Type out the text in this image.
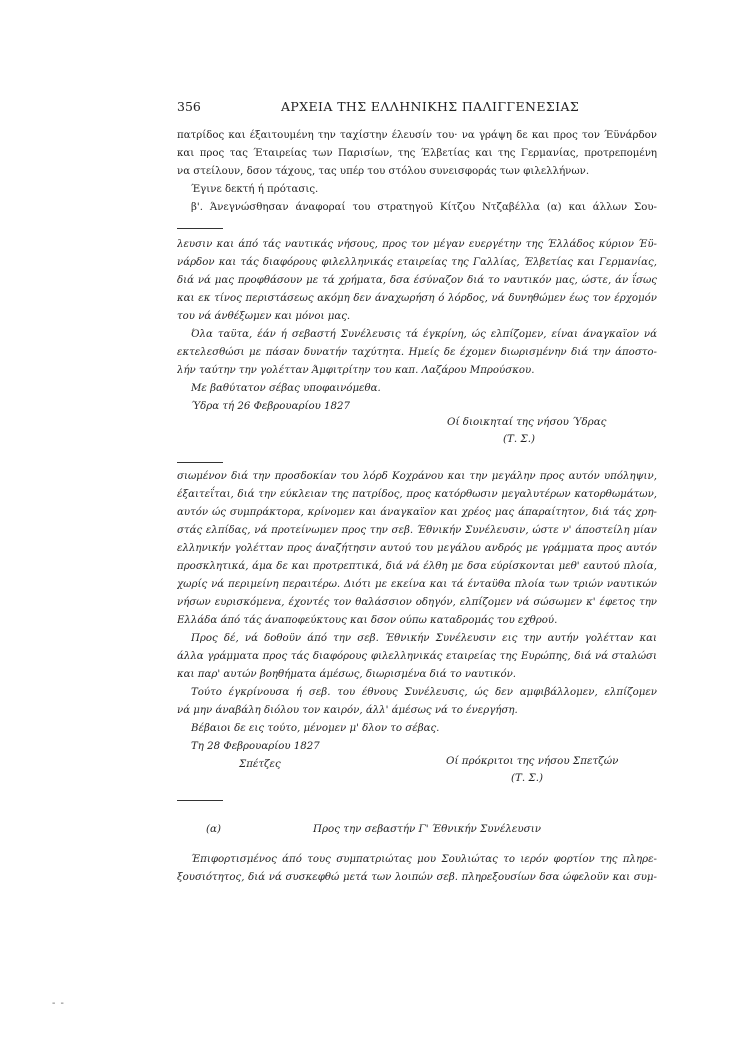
356	ΑΡΧΕΙΑ ΤΗΣ ΕΛΛΗΝΙΚΗΣ ΠΑΛΙΓΓΕΝΕΣΙΑΣ
πατρίδος και έξαιτουμένη την ταχίστην έλευσίν του· να γράψη δε και προς τον Έϋνάρδον
και προς τας Έταιρείας των Παρισίων, της Έλβετίας και της Γερμανίας, προτρεπομένη
να στείλουν, δσον τάχους, τας υπέρ του στόλου συνεισφοράς των φιλελλήνων.
Έγινε δεκτή ή πρότασις.
β'. Άνεγνώσθησαν άναφοραί του στρατηγοϋ Κίτζου Ντζαβέλλα (α) και άλλων Σου-
λευσιν και άπό τάς ναυτικάς νήσους, προς τον μέγαν ευεργέτην της Έλλάδος κύριον Έϋ-
νάρδον και τάς διαφόρους φιλελληνικάς εταιρείας της Γαλλίας, Έλβετίας και Γερμανίας,
διά νά μας προφθάσουν με τά χρήματα, δσα έσύναζον διά το ναυτικόν μας, ώστε, άν ΐσως
και εκ τίνος περιστάσεως ακόμη δεν άναχωρήση ό λόρδος, νά δυνηθώμεν έως τον έρχομόν
του νά άνθέξωμεν και μόνοι μας.
Όλα ταϋτα, έάν ή σεβαστή Συνέλευσις τά έγκρίνη, ώς ελπίζομεν, είναι άναγκαϊον νά
εκτελεσθώσι με πάσαν δυνατήν ταχύτητα. Ημείς δε έχομεν διωρισμένην διά την άποστο-
λήν ταύτην την γολέτταν Άμφιτρίτην του καπ. Λαζάρου Μπρούσκου.
Με βαθύτατον σέβας υποφαινόμεθα.
Ύδρα τή 26 Φεβρουαρίου 1827
Οί διοικηταί της νήσου Ύδρας
(Τ. Σ.)
σιωμένον διά την προσδοκίαν του λόρδ Κοχράνου και την μεγάλην προς αυτόν υπόληψιν,
έξαιτεΐται, διά την εύκλειαν της πατρίδος, προς κατόρθωσιν μεγαλυτέρων κατορθωμάτων,
αυτόν ώς συμπράκτορα, κρίνομεν και άναγκαϊον και χρέος μας άπαραίτητον, διά τάς χρη-
στάς ελπίδας, νά προτείνωμεν προς την σεβ. Έθνικήν Συνέλευσιν, ώστε ν' άποστείλη μίαν
ελληνικήν γολέτταν προς άναζήτησιν αυτού του μεγάλου ανδρός με γράμματα προς αυτόν
προσκλητικά, άμα δε και προτρεπτικά, διά νά έλθη με δσα εύρίσκονται μεθ' εαυτού πλοία,
χωρίς νά περιμείνη περαιτέρω. Διότι με εκείνα και τά ένταϋθα πλοία των τριών ναυτικών
νήσων ευρισκόμενα, έχοντές τον θαλάσσιον οδηγόν, ελπίζομεν νά σώσωμεν κ' έφετος την
Ελλάδα άπό τάς άναποφεύκτους και δσον ούπω καταδρομάς του εχθρού.
Προς δέ, νά δοθοϋν άπό την σεβ. Έθνικήν Συνέλευσιν εις την αυτήν γολέτταν και
άλλα γράμματα προς τάς διαφόρους φιλελληνικάς εταιρείας της Ευρώπης, διά νά σταλώσι
και παρ' αυτών βοηθήματα άμέσως, διωρισμένα διά το ναυτικόν.
Τούτο έγκρίνουσα ή σεβ. του έθνους Συνέλευσις, ώς δεν αμφιβάλλομεν, ελπίζομεν
νά μην άναβάλη διόλου τον καιρόν, άλλ' άμέσως νά το ένεργήση.
Βέβαιοι δε εις τούτο, μένομεν μ' δλον το σέβας.
Τη 28 Φεβρουαρίου 1827
Σπέτζες	Οί πρόκριτοι της νήσου Σπετζών
(Τ. Σ.)
(α)	Προς την σεβαστήν Γ' Έθνικήν Συνέλευσιν
Έπιφορτισμένος άπό τους συμπατριώτας μου Σουλιώτας το ιερόν φορτίον της πληρε-
ξουσιότητος, διά νά συσκεφθώ μετά των λοιπών σεβ. πληρεξουσίων δσα ώφελοϋν και συμ-
- -
